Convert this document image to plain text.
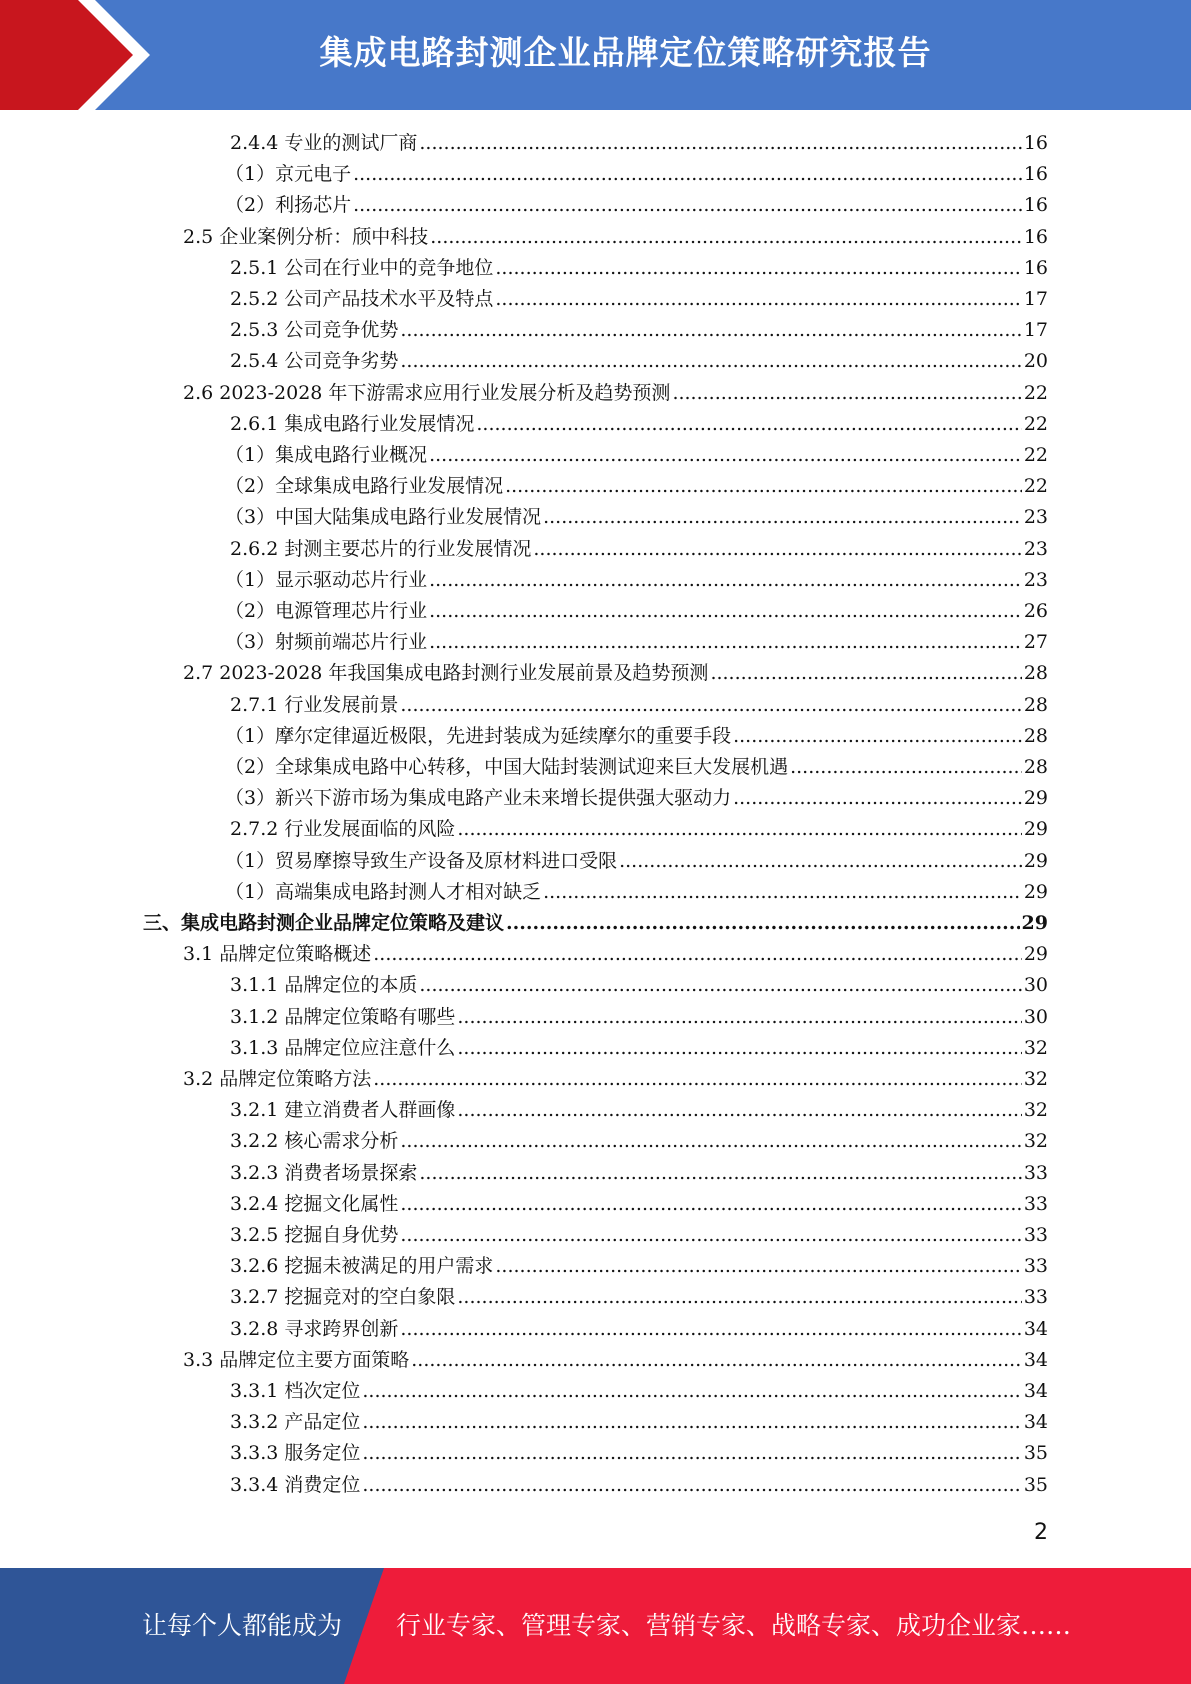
集成电路封测企业品牌定位策略研究报告
2.4.4 专业的测试厂商 .....	16
（1）京元电子 .....	16
（2）利扬芯片 .....	16
2.5 企业案例分析：颀中科技 .....	16
2.5.1 公司在行业中的竞争地位 .....	16
2.5.2 公司产品技术水平及特点 .....	17
2.5.3 公司竞争优势 .....	17
2.5.4 公司竞争劣势 .....	20
2.6 2023-2028 年下游需求应用行业发展分析及趋势预测 .....	22
2.6.1 集成电路行业发展情况 .....	22
（1）集成电路行业概况 .....	22
（2）全球集成电路行业发展情况 .....	22
（3）中国大陆集成电路行业发展情况 .....	23
2.6.2 封测主要芯片的行业发展情况 .....	23
（1）显示驱动芯片行业 .....	23
（2）电源管理芯片行业 .....	26
（3）射频前端芯片行业 .....	27
2.7 2023-2028 年我国集成电路封测行业发展前景及趋势预测 .....	28
2.7.1 行业发展前景 .....	28
（1）摩尔定律逼近极限，先进封装成为延续摩尔的重要手段 .....	28
（2）全球集成电路中心转移，中国大陆封装测试迎来巨大发展机遇 .....	28
（3）新兴下游市场为集成电路产业未来增长提供强大驱动力 .....	29
2.7.2 行业发展面临的风险 .....	29
（1）贸易摩擦导致生产设备及原材料进口受限 .....	29
（1）高端集成电路封测人才相对缺乏 .....	29
三、集成电路封测企业品牌定位策略及建议 .....	29
3.1 品牌定位策略概述 .....	29
3.1.1 品牌定位的本质 .....	30
3.1.2 品牌定位策略有哪些 .....	30
3.1.3 品牌定位应注意什么 .....	32
3.2 品牌定位策略方法 .....	32
3.2.1 建立消费者人群画像 .....	32
3.2.2 核心需求分析 .....	32
3.2.3 消费者场景探索 .....	33
3.2.4 挖掘文化属性 .....	33
3.2.5 挖掘自身优势 .....	33
3.2.6 挖掘未被满足的用户需求 .....	33
3.2.7 挖掘竞对的空白象限 .....	33
3.2.8 寻求跨界创新 .....	34
3.3 品牌定位主要方面策略 .....	34
3.3.1 档次定位 .....	34
3.3.2 产品定位 .....	34
3.3.3 服务定位 .....	35
3.3.4 消费定位 .....	35
2
让每个人都能成为 行业专家、管理专家、营销专家、战略专家、成功企业家……
